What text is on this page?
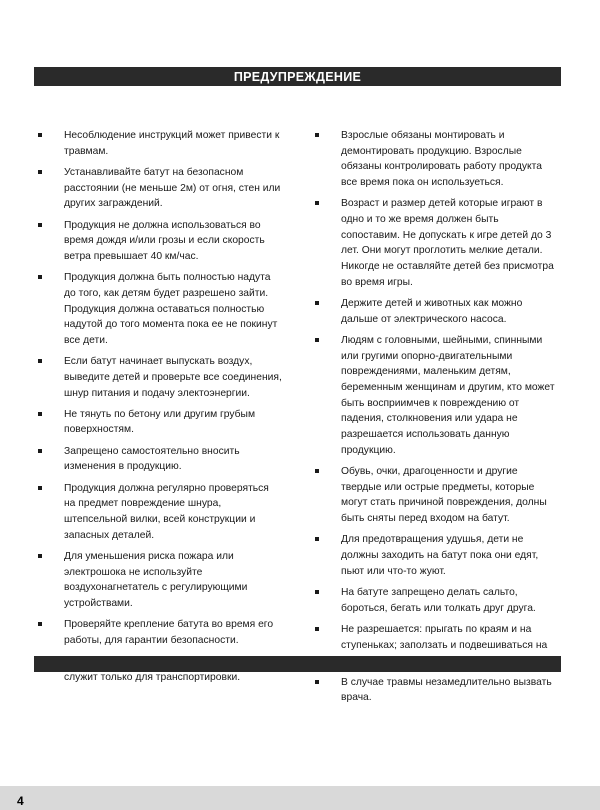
ПРЕДУПРЕЖДЕНИЕ
Несоблюдение инструкций может привести к травмам.
Устанавливайте батут на безопасном расстоянии (не меньше 2м) от огня, стен или других заграждений.
Продукция не должна использоваться во время дождя и/или грозы и если скорость ветра превышает 40 км/час.
Продукция должна быть полностью надута до того, как детям будет разрешено зайти. Продукция должна оставаться полностью надутой до того момента пока ее не покинут все дети.
Если батут начинает выпускать воздух, выведите детей и проверьте все соединения, шнур питания и подачу электоэнергии.
Не тянуть по бетону или другим грубым поверхностям.
Запрещено самостоятельно вносить изменения в продукцию.
Продукция должна регулярно проверяться на предмет повреждение шнура, штепсельной вилки, всей конструкции и запасных деталей.
Для уменьшения риска пожара или электрошока не используйте воздухонагнетатель с регулирующими устройствами.
Проверяйте крепление батута во время его работы, для гарантии безопасности.
служит только для транспортировки.
Взрослые обязаны монтировать и демонтировать продукцию. Взрослые обязаны контролировать работу продукта все время пока он используеться.
Возраст и размер детей которые играют в одно и то же время должен быть сопоставим. Не допускать к игре детей до 3 лет. Они могут проглотить мелкие детали. Никогде не оставляйте детей без присмотра во время игры.
Держите детей и животных как можно дальше от электрического насоса.
Людям с головными, шейными, спинными или гругими опорно-двигательными повреждениями, маленьким детям, беременным женщинам и другим, кто может быть восприимчев к повреждению от падения, столкновения или удара не разрешается использовать данную продукцию.
Обувь, очки, драгоценности и другие твердые или острые предметы, которые могут стать причиной повреждения, долны быть сняты перед входом на батут.
Для предотвращения удушья, дети не должны заходить на батут пока они едят, пьют или что-то жуют.
На батуте запрещено делать сальто, бороться, бегать или толкать друг друга.
Не разрешается: прыгать по краям и на ступеньках; заползать и подвешиваться на
В случае травмы незамедлительно вызвать врача.
4
